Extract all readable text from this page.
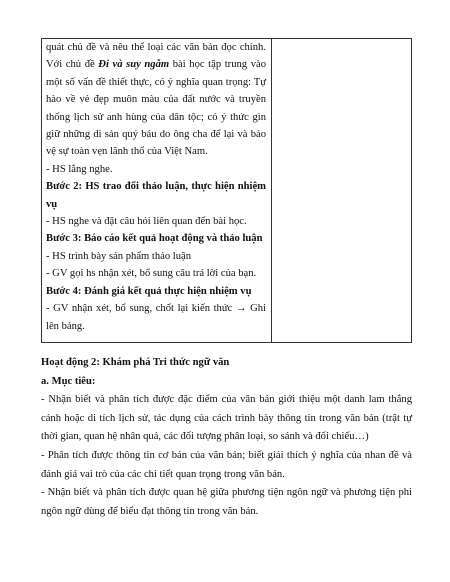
quát chủ đề và nêu thể loại các văn bản đọc chính. Với chủ đề Đi và suy ngẫm bài học tập trung vào một số vấn đề thiết thực, có ý nghĩa quan trọng: Tự hào về vẻ đẹp muôn màu của đất nước và truyền thống lịch sử anh hùng của dân tộc; có ý thức gìn giữ những di sản quý báu do ông cha để lại và bảo vệ sự toàn vẹn lãnh thổ của Việt Nam.

- HS lắng nghe.

Bước 2: HS trao đổi thảo luận, thực hiện nhiệm vụ

- HS nghe và đặt câu hỏi liên quan đến bài học.

Bước 3: Báo cáo kết quả hoạt động và thảo luận

- HS trình bày sản phẩm thảo luận

- GV gọi hs nhận xét, bổ sung câu trả lời của bạn.

Bước 4: Đánh giá kết quả thực hiện nhiệm vụ

- GV nhận xét, bổ sung, chốt lại kiến thức → Ghi lên bảng.

Hoạt động 2: Khám phá Tri thức ngữ văn

a. Mục tiêu:

- Nhận biết và phân tích được đặc điểm của văn bản giới thiệu một danh lam thắng cảnh hoặc di tích lịch sử, tác dụng của cách trình bày thông tin trong văn bản (trật tự thời gian, quan hệ nhân quả, các đối tượng phân loại, so sánh và đối chiếu…)

- Phân tích được thông tin cơ bản của văn bản; biết giải thích ý nghĩa của nhan đề và đánh giá vai trò của các chi tiết quan trọng trong văn bản.

- Nhận biết và phân tích được quan hệ giữa phương tiện ngôn ngữ và phương tiện phi ngôn ngữ dùng để biểu đạt thông tin trong văn bản.
